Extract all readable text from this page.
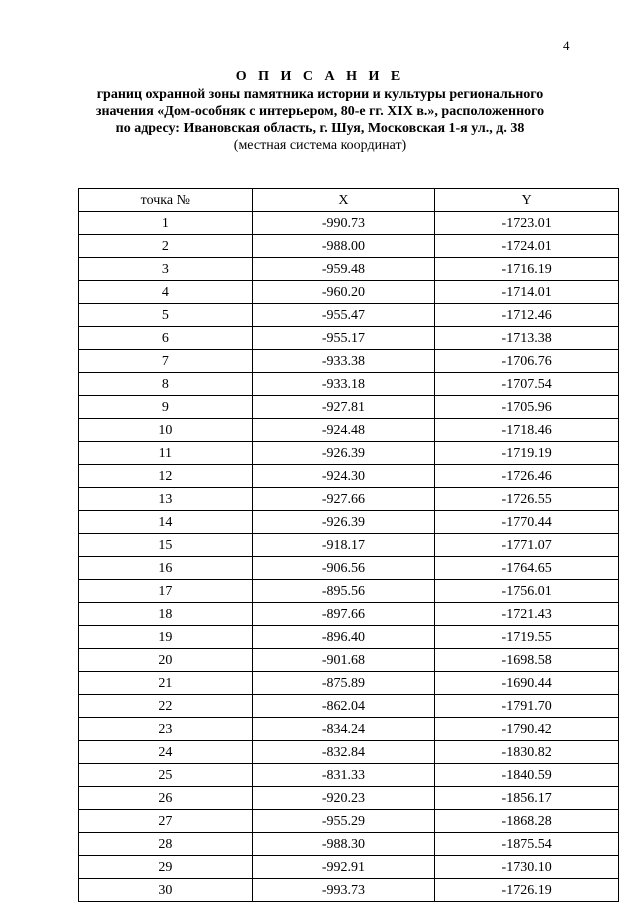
4
О П И С А Н И Е
границ охранной зоны памятника истории и культуры регионального
значения «Дом-особняк с интерьером, 80-е гг. XIX в.», расположенного
по адресу: Ивановская область, г. Шуя, Московская 1-я ул., д. 38
(местная система координат)
точка №	X	Y
1	-990.73	-1723.01
2	-988.00	-1724.01
3	-959.48	-1716.19
4	-960.20	-1714.01
5	-955.47	-1712.46
6	-955.17	-1713.38
7	-933.38	-1706.76
8	-933.18	-1707.54
9	-927.81	-1705.96
10	-924.48	-1718.46
11	-926.39	-1719.19
12	-924.30	-1726.46
13	-927.66	-1726.55
14	-926.39	-1770.44
15	-918.17	-1771.07
16	-906.56	-1764.65
17	-895.56	-1756.01
18	-897.66	-1721.43
19	-896.40	-1719.55
20	-901.68	-1698.58
21	-875.89	-1690.44
22	-862.04	-1791.70
23	-834.24	-1790.42
24	-832.84	-1830.82
25	-831.33	-1840.59
26	-920.23	-1856.17
27	-955.29	-1868.28
28	-988.30	-1875.54
29	-992.91	-1730.10
30	-993.73	-1726.19
